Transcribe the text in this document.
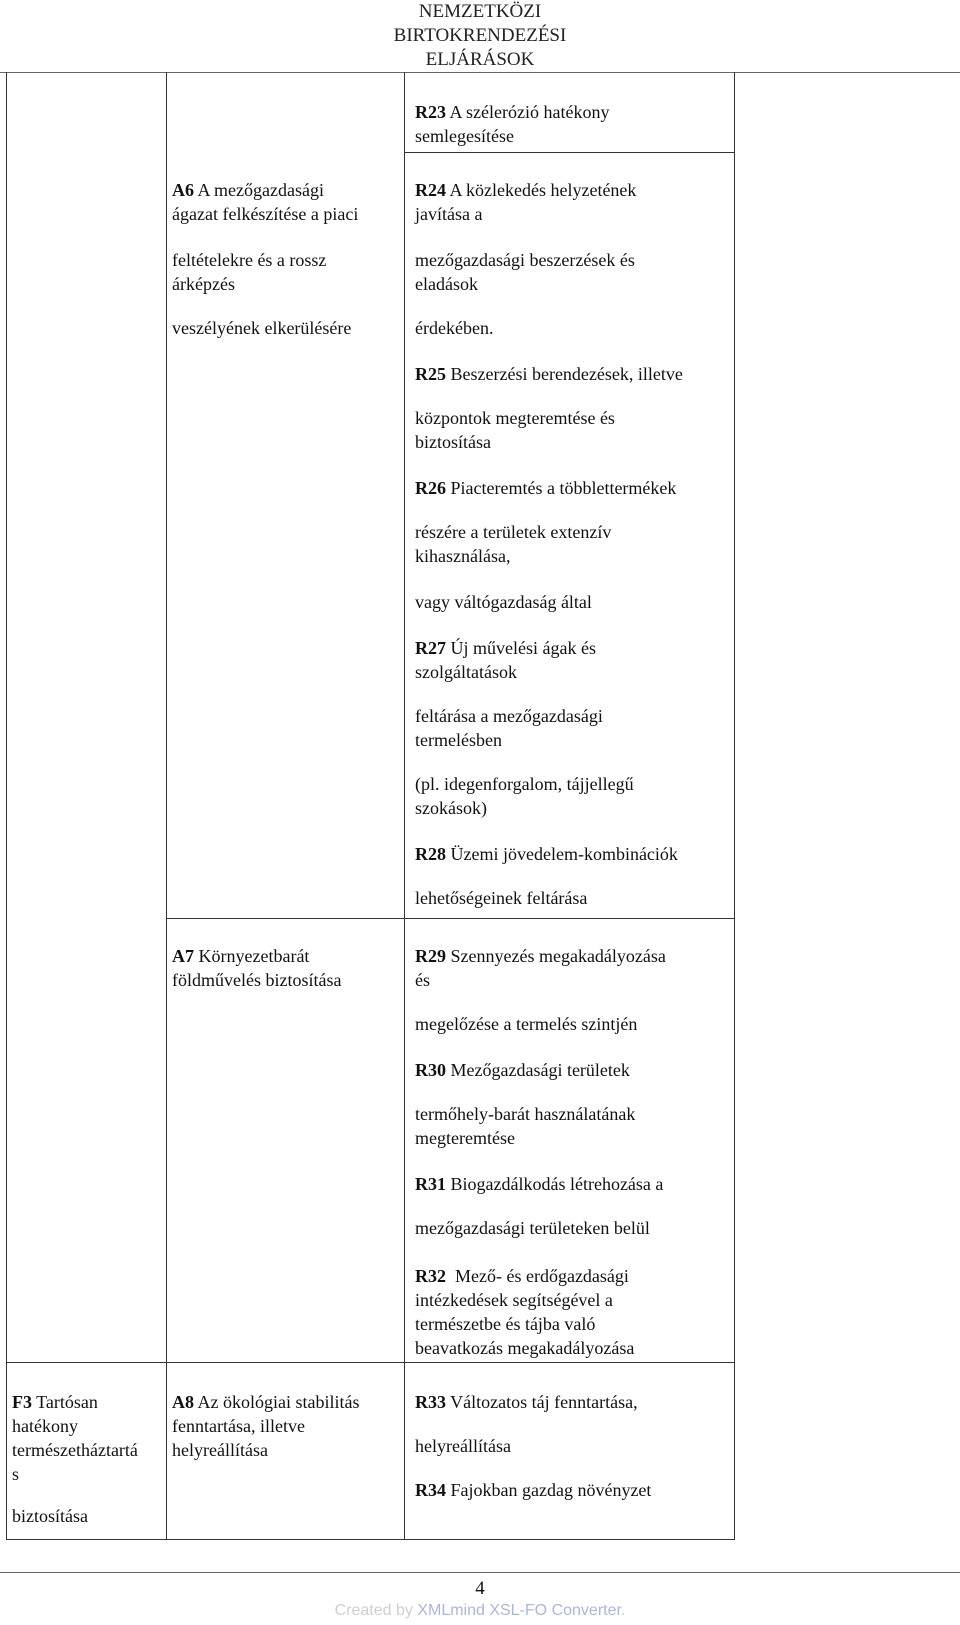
NEMZETKÖZI
BIRTOKRENDEZÉSI
ELJÁRÁSOK
R23 A szélerózió hatékony
semlegesítése
A6 A mezőgazdasági
ágazat felkészítése a piaci
feltételekre és a rossz
árképzés
veszélyének elkerülésére
R24 A közlekedés helyzetének
javítása a
mezőgazdasági beszerzések és
eladások
érdekében.
R25 Beszerzési berendezések, illetve
központok megteremtése és
biztosítása
R26 Piacteremtés a többlettermékek
részére a területek extenzív
kihasználása,
vagy váltógazdaság által
R27 Új művelési ágak és
szolgáltatások
feltárása a mezőgazdasági
termelésben
(pl. idegenforgalom, tájjellegű
szokások)
R28 Üzemi jövedelem-kombinációk
lehetőségeinek feltárása
A7 Környezetbarát
földművelés biztosítása
R29 Szennyezés megakadályozása
és
megelőzése a termelés szintjén
R30 Mezőgazdasági területek
termőhely-barát használatának
megteremtése
R31 Biogazdálkodás létrehozása a
mezőgazdasági területeken belül
R32  Mező- és erdőgazdasági
intézkedések segítségével a
természetbe és tájba való
beavatkozás megakadályozása
F3 Tartósan
hatékony
természetháztartá
s
biztosítása
A8 Az ökológiai stabilitás
fenntartása, illetve
helyreállítása
R33 Változatos táj fenntartása,
helyreállítása
R34 Fajokban gazdag növényzet
4
Created by XMLmind XSL-FO Converter.
